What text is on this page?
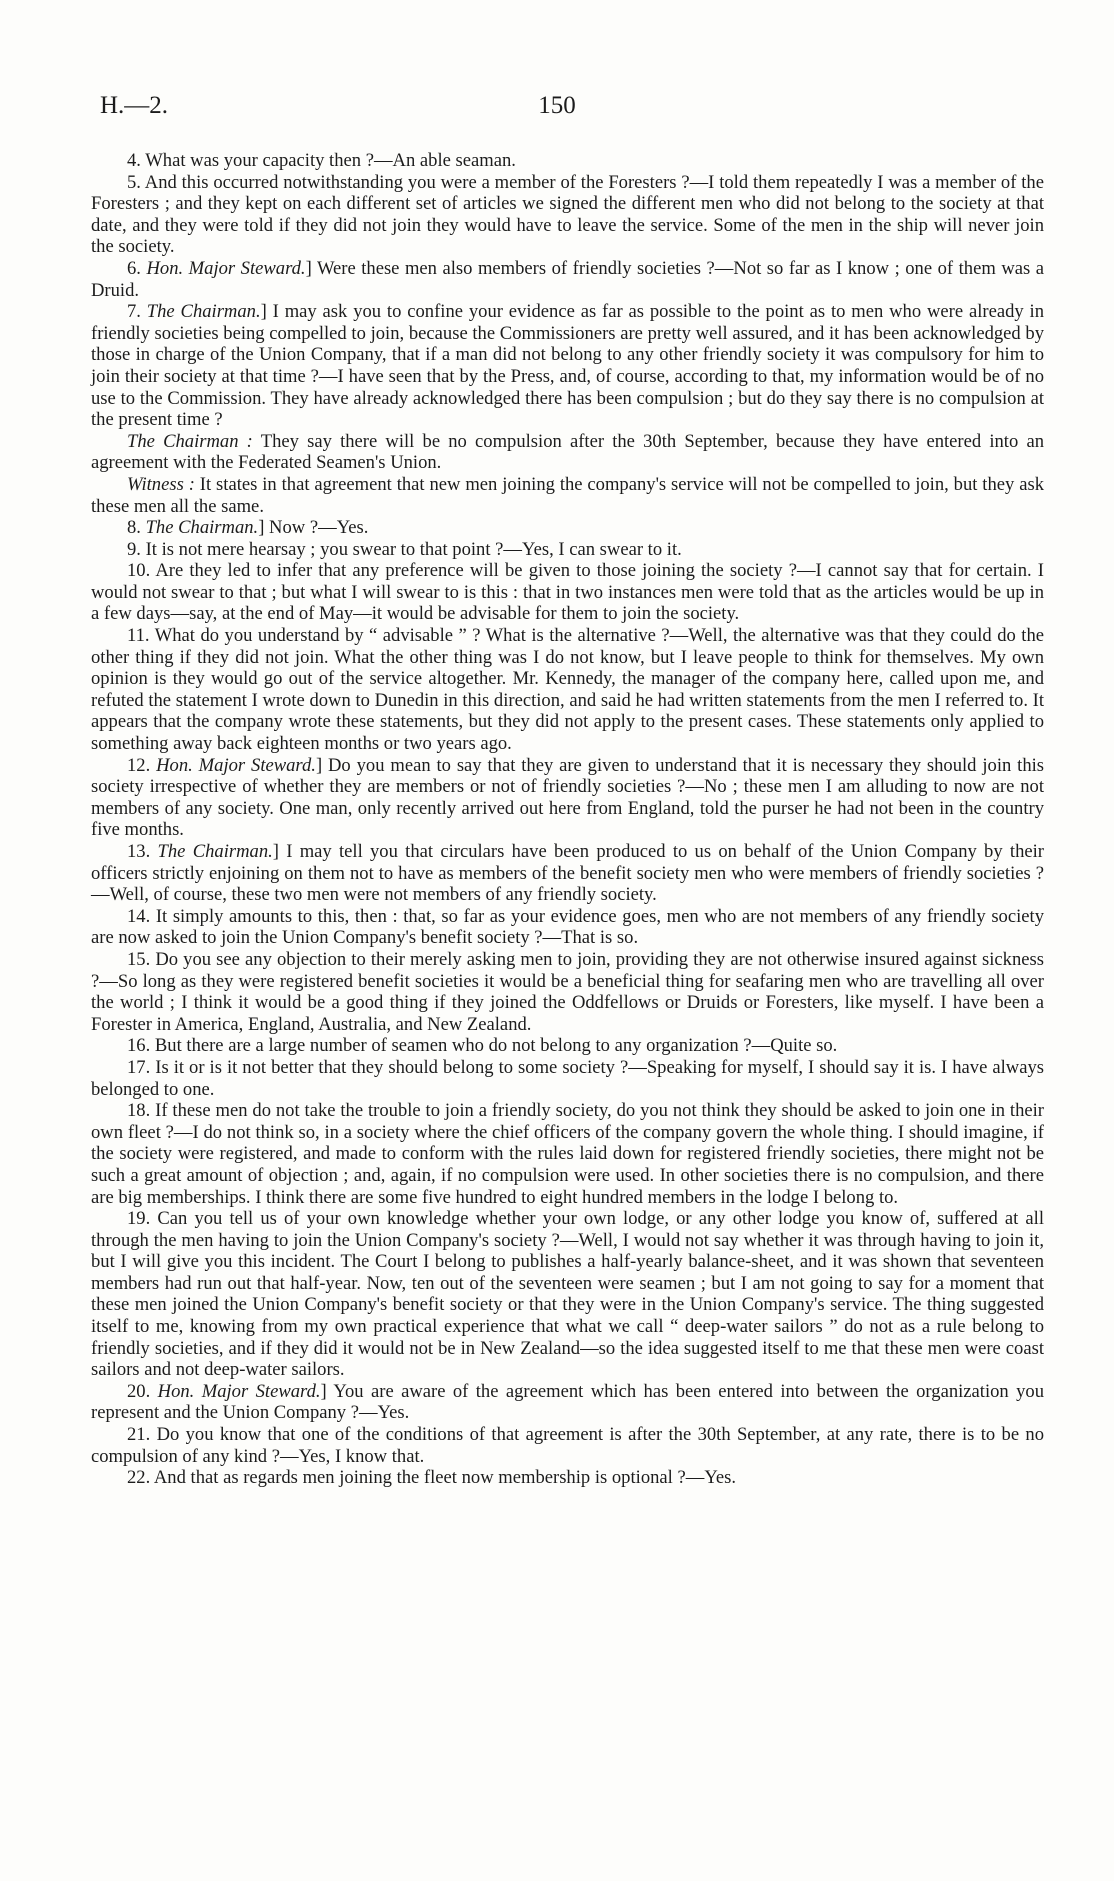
H.—2.	150

4. What was your capacity then ?—An able seaman.

5. And this occurred notwithstanding you were a member of the Foresters ?—I told them repeatedly I was a member of the Foresters ; and they kept on each different set of articles we signed the different men who did not belong to the society at that date, and they were told if they did not join they would have to leave the service. Some of the men in the ship will never join the society.

6. Hon. Major Steward.] Were these men also members of friendly societies ?—Not so far as I know ; one of them was a Druid.

7. The Chairman.] I may ask you to confine your evidence as far as possible to the point as to men who were already in friendly societies being compelled to join, because the Commissioners are pretty well assured, and it has been acknowledged by those in charge of the Union Company, that if a man did not belong to any other friendly society it was compulsory for him to join their society at that time ?—I have seen that by the Press, and, of course, according to that, my information would be of no use to the Commission. They have already acknowledged there has been compulsion ; but do they say there is no compulsion at the present time ?

The Chairman : They say there will be no compulsion after the 30th September, because they have entered into an agreement with the Federated Seamen's Union.

Witness : It states in that agreement that new men joining the company's service will not be compelled to join, but they ask these men all the same.

8. The Chairman.] Now ?—Yes.

9. It is not mere hearsay ; you swear to that point ?—Yes, I can swear to it.

10. Are they led to infer that any preference will be given to those joining the society ?—I cannot say that for certain. I would not swear to that ; but what I will swear to is this : that in two instances men were told that as the articles would be up in a few days—say, at the end of May—it would be advisable for them to join the society.

11. What do you understand by “ advisable ” ? What is the alternative ?—Well, the alternative was that they could do the other thing if they did not join. What the other thing was I do not know, but I leave people to think for themselves. My own opinion is they would go out of the service altogether. Mr. Kennedy, the manager of the company here, called upon me, and refuted the statement I wrote down to Dunedin in this direction, and said he had written statements from the men I referred to. It appears that the company wrote these statements, but they did not apply to the present cases. These statements only applied to something away back eighteen months or two years ago.

12. Hon. Major Steward.] Do you mean to say that they are given to understand that it is necessary they should join this society irrespective of whether they are members or not of friendly societies ?—No ; these men I am alluding to now are not members of any society. One man, only recently arrived out here from England, told the purser he had not been in the country five months.

13. The Chairman.] I may tell you that circulars have been produced to us on behalf of the Union Company by their officers strictly enjoining on them not to have as members of the benefit society men who were members of friendly societies ?—Well, of course, these two men were not members of any friendly society.

14. It simply amounts to this, then : that, so far as your evidence goes, men who are not members of any friendly society are now asked to join the Union Company's benefit society ?—That is so.

15. Do you see any objection to their merely asking men to join, providing they are not otherwise insured against sickness ?—So long as they were registered benefit societies it would be a beneficial thing for seafaring men who are travelling all over the world ; I think it would be a good thing if they joined the Oddfellows or Druids or Foresters, like myself. I have been a Forester in America, England, Australia, and New Zealand.

16. But there are a large number of seamen who do not belong to any organization ?—Quite so.

17. Is it or is it not better that they should belong to some society ?—Speaking for myself, I should say it is. I have always belonged to one.

18. If these men do not take the trouble to join a friendly society, do you not think they should be asked to join one in their own fleet ?—I do not think so, in a society where the chief officers of the company govern the whole thing. I should imagine, if the society were registered, and made to conform with the rules laid down for registered friendly societies, there might not be such a great amount of objection ; and, again, if no compulsion were used. In other societies there is no compulsion, and there are big memberships. I think there are some five hundred to eight hundred members in the lodge I belong to.

19. Can you tell us of your own knowledge whether your own lodge, or any other lodge you know of, suffered at all through the men having to join the Union Company's society ?—Well, I would not say whether it was through having to join it, but I will give you this incident. The Court I belong to publishes a half-yearly balance-sheet, and it was shown that seventeen members had run out that half-year. Now, ten out of the seventeen were seamen ; but I am not going to say for a moment that these men joined the Union Company's benefit society or that they were in the Union Company's service. The thing suggested itself to me, knowing from my own practical experience that what we call “ deep-water sailors ” do not as a rule belong to friendly societies, and if they did it would not be in New Zealand—so the idea suggested itself to me that these men were coast sailors and not deep-water sailors.

20. Hon. Major Steward.] You are aware of the agreement which has been entered into between the organization you represent and the Union Company ?—Yes.

21. Do you know that one of the conditions of that agreement is after the 30th September, at any rate, there is to be no compulsion of any kind ?—Yes, I know that.

22. And that as regards men joining the fleet now membership is optional ?—Yes.
